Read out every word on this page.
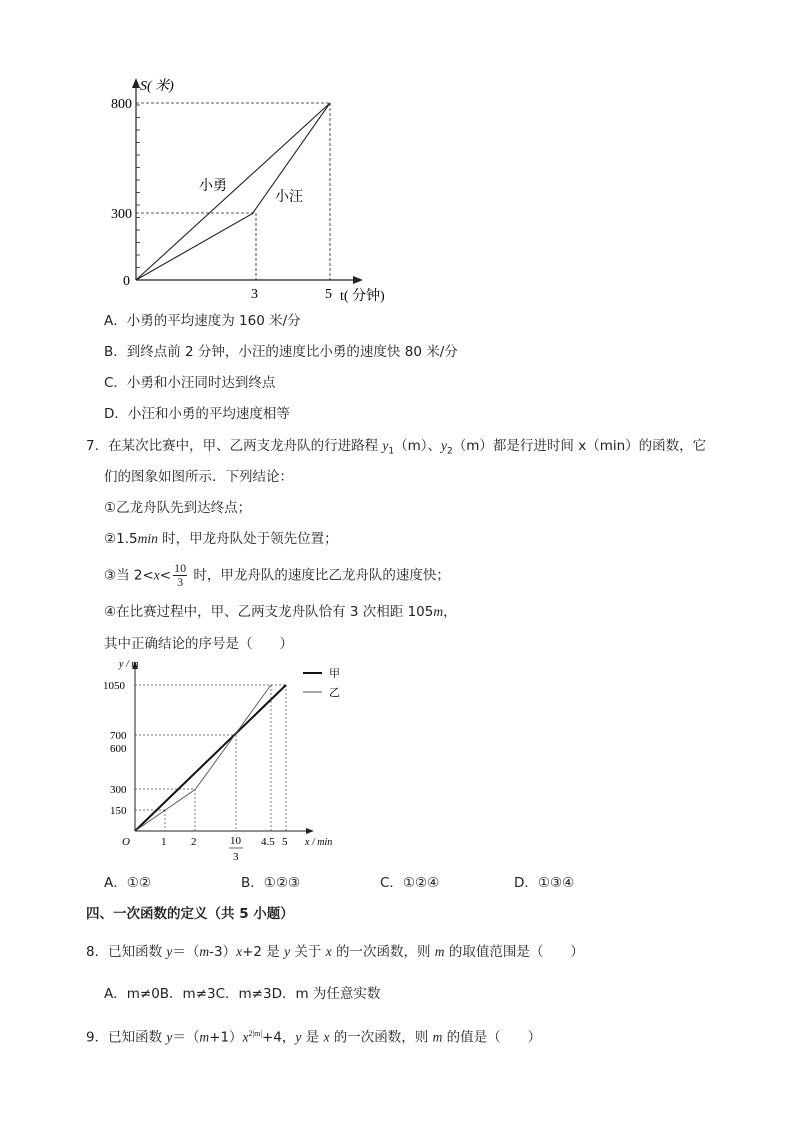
S( 米)
800
300
0
3	5 t( 分钟)
小勇
小汪
A．小勇的平均速度为 160 米/分
B．到终点前 2 分钟，小汪的速度比小勇的速度快 80 米/分
C．小勇和小汪同时达到终点
D．小汪和小勇的平均速度相等
7．在某次比赛中，甲、乙两支龙舟队的行进路程 $y_1(m)$、$y_2(m)$都是行进时间 x（min）的函数，它
们的图象如图所示．下列结论：
①乙龙舟队先到达终点；
②1.5min 时，甲龙舟队处于领先位置；
③当 $2<x< \frac{10}{3}$ 时，甲龙舟队的速度比乙龙舟队的速度快；
④在比赛过程中，甲、乙两支龙舟队恰有 3 次相距 105m，
其中正确结论的序号是（　　）
甲
乙
y / m
1050
700
600
300
150
O	1 2	10
3
4.5 5 x / min
A．①②	B．①②③	C．①②④	D．①③④
四、一次函数的定义（共 5 小题）
8．已知函数 y＝（m-3）x+2 是 y 关于 x 的一次函数，则 m 的取值范围是（　　）
A．m≠0B．m≠3C．m≠3D．m 为任意实数
9．已知函数 $y=(m+1)x^{2|m|}+4$，y 是 x 的一次函数，则 m 的值是（　　）
